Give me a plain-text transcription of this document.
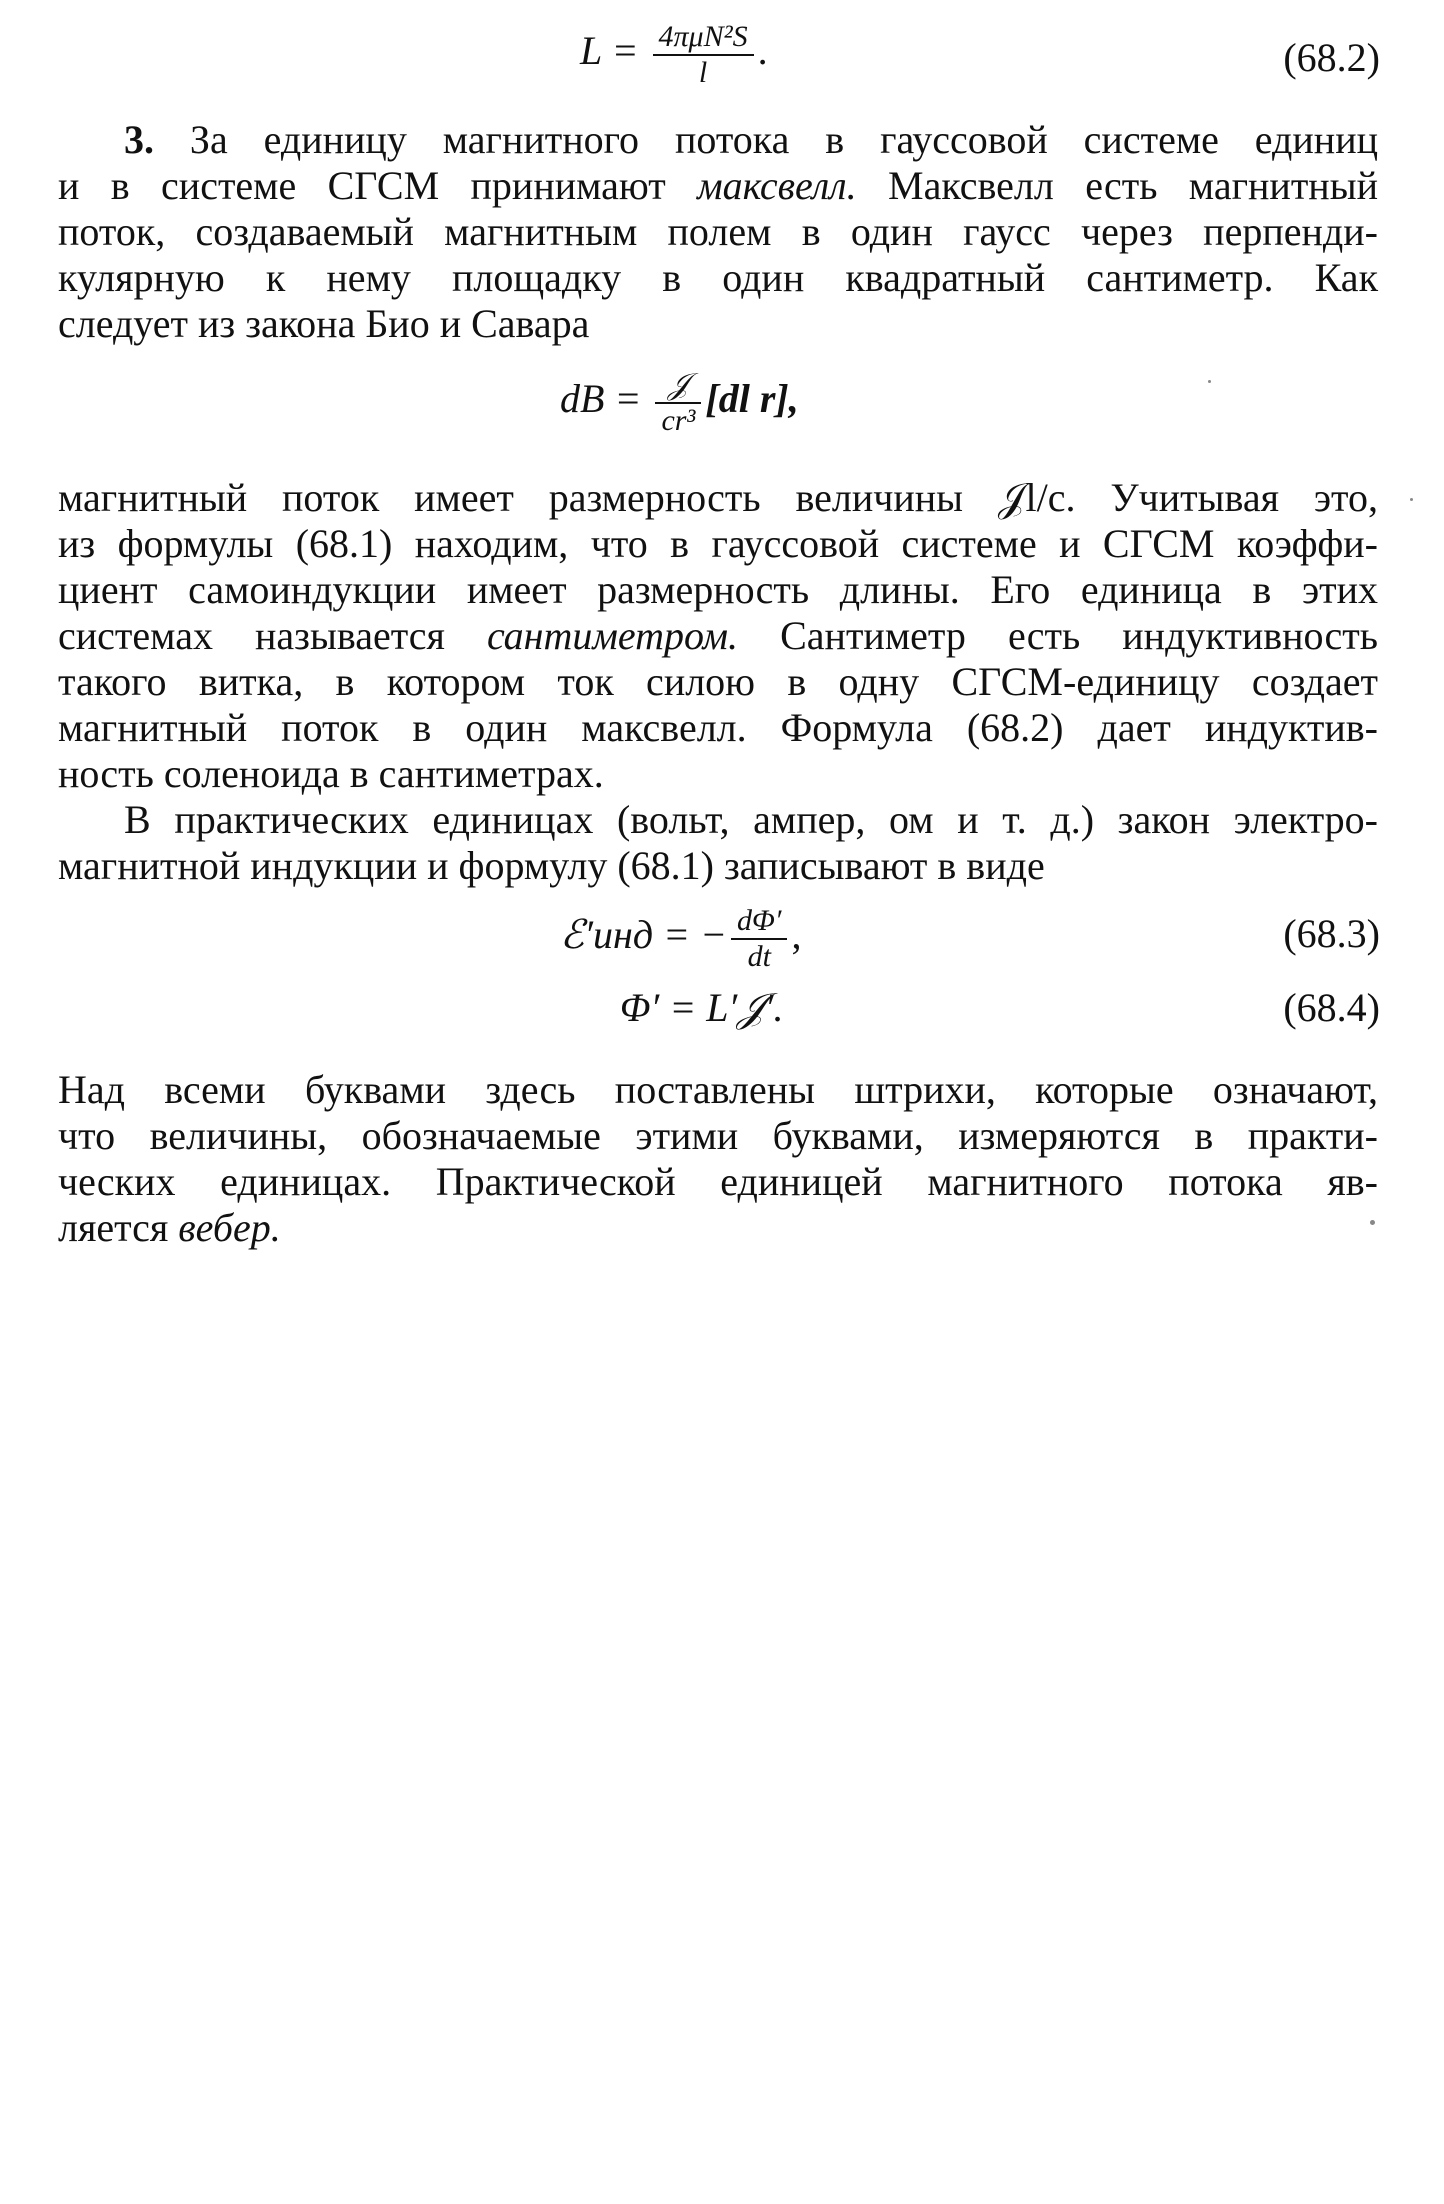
$L = \frac{\text{4πμN²S}}{l}$ .	(68.2)
3. За единицу магнитного потока в гауссовой системе единиц
и в системе СГСМ принимают максвелл. Максвелл есть магнитный
поток, создаваемый магнитным полем в один гаусс через перпенди-
кулярную к нему площадку в один квадратный сантиметр. Как
следует из закона Био и Савара
dB = $\frac{\text{𝒥}}{\text{cr³}} [dl$ r],
магнитный поток имеет размерность величины 𝒥l/c. Учитывая это,
из формулы (68.1) находим, что в гауссовой системе и СГСМ коэффи-
циент самоиндукции имеет размерность длины. Его единица в этих
системах называется сантиметром. Сантиметр есть индуктивность
такого витка, в котором ток силою в одну СГСМ-единицу создает
магнитный поток в один максвелл. Формула (68.2) дает индуктив-
ность соленоида в сантиметрах.
В практических единицах (вольт, ампер, ом и т. д.) закон электро-
магнитной индукции и формулу (68.1) записывают в виде
ℰ′инд = − $\frac{d\Phi'}{dt}$ ,	(68.3)
Φ′ = L′𝒥′.	(68.4)
Над всеми буквами здесь поставлены штрихи, которые означают,
что величины, обозначаемые этими буквами, измеряются в практи-
ческих единицах. Практической единицей магнитного потока яв-
ляется вебер.
